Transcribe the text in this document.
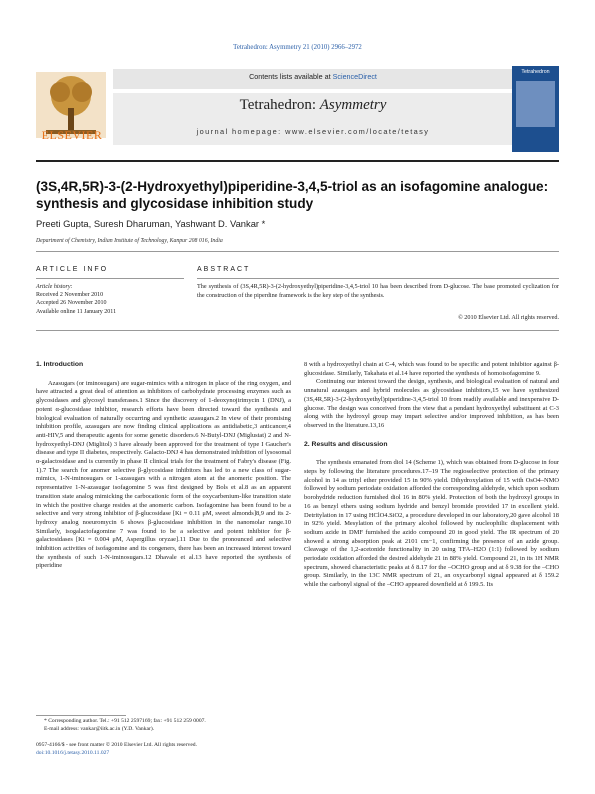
Tetrahedron: Asymmetry 21 (2010) 2966–2972
ELSEVIER
Contents lists available at ScienceDirect
Tetrahedron: Asymmetry
journal homepage: www.elsevier.com/locate/tetasy
Tetrahedron
(3S,4R,5R)-3-(2-Hydroxyethyl)piperidine-3,4,5-triol as an isofagomine analogue: synthesis and glycosidase inhibition study
Preeti Gupta, Suresh Dharuman, Yashwant D. Vankar *
Department of Chemistry, Indian Institute of Technology, Kanpur 208 016, India
ARTICLE INFO	ABSTRACT
Article history:
Received 2 November 2010
Accepted 26 November 2010
Available online 11 January 2011
The synthesis of (3S,4R,5R)-3-(2-hydroxyethyl)piperidine-3,4,5-triol 10 has been described from D-glucose. The base promoted cyclization for the construction of the piperdine framework is the key step of the synthesis.
© 2010 Elsevier Ltd. All rights reserved.
1. Introduction

Azasugars (or iminosugars) are sugar-mimics with a nitrogen in place of the ring oxygen, and have attracted a great deal of attention as inhibitors of carbohydrate processing enzymes such as glycosidases and glycosyl transferases.1 Since the discovery of 1-deoxynojirimycin 1 (DNJ), a potent α-glucosidase inhibitor, research efforts have been directed toward the synthesis and biological evaluation of naturally occurring and synthetic azasugars.2 In view of their promising inhibition profile, azasugars are now finding clinical applications as antidiabetic,3 anticancer,4 anti-HIV,5 and therapeutic agents for some genetic disorders.6 N-Butyl-DNJ (Miglustat) 2 and N-hydroxyethyl-DNJ (Miglitol) 3 have already been approved for the treatment of type I Gaucher's disease and type II diabetes, respectively. Galacto-DNJ 4 has demonstrated inhibition of lysosomal α-galactosidase and is currently in phase II clinical trials for the treatment of Fabry's disease (Fig. 1).7 The search for anomer selective β-glycosidase inhibitors has led to a new class of sugar-mimics, 1-N-iminosugars or 1-azasugars with a nitrogen atom at the anomeric position. The representative 1-N-azasugar isofagomine 5 was first designed by Bols et al.8 as an apparent transition state analog mimicking the carbocationic form of the oxycarbenium-like transition state in which the positive charge resides at the anomeric carbon. Isofagomine has been found to be a selective and very strong inhibitor of β-glucosidase [Ki = 0.11 μM, sweet almonds]8,9 and its 2-hydroxy analog noeuromycin 6 shows β-glucosidase inhibition in the nanomolar range.10 Similarly, isogalactofagomine 7 was found to be a selective and potent inhibitor for β-galactosidases [Ki = 0.004 μM, Aspergillus oryzae].11 Due to the pronounced and selective inhibition activities of isofagomine and its congeners, there has been an increased interest toward the synthesis of such 1-N-iminosugars.12 Dhavale et al.13 have reported the synthesis of piperidine

8 with a hydroxyethyl chain at C-4, which was found to be specific and potent inhibitor against β-glucosidase. Similarly, Takahata et al.14 have reported the synthesis of homoisofagomine 9.

Continuing our interest toward the design, synthesis, and biological evaluation of natural and unnatural azasugars and hybrid molecules as glycosidase inhibitors,15 we have synthesized (3S,4R,5R)-3-(2-hydroxyethyl)piperidine-3,4,5-triol 10 from readily available and inexpensive D-glucose. The design was conceived from the view that a pendant hydroxyethyl substituent at C-3 along with the hydroxyl group may impart selective and/or improved inhibition, as has been observed in the literature.13,16

2. Results and discussion

The synthesis emanated from diol 14 (Scheme 1), which was obtained from D-glucose in four steps by following the literature procedures.17–19 The regioselective protection of the primary alcohol in 14 as trityl ether provided 15 in 90% yield. Dihydroxylation of 15 with OsO4–NMO followed by sodium periodate oxidation afforded the corresponding aldehyde, which upon sodium borohydride reduction furnished diol 16 in 80% yield. Protection of both the hydroxyl groups in 16 as benzyl ethers using sodium hydride and benzyl bromide provided 17 in excellent yield. Detritylation in 17 using HClO4.SiO2, a procedure developed in our laboratory,20 gave alcohol 18 in 92% yield. Mesylation of the primary alcohol followed by nucleophilic displacement with sodium azide in DMF furnished the azido compound 20 in good yield. The IR spectrum of 20 showed a strong absorption peak at 2101 cm−1, confirming the presence of an azide group. Cleavage of the 1,2-acetonide functionality in 20 using TFA–H2O (1:1) followed by sodium periodate oxidation afforded the desired aldehyde 21 in 88% yield. Compound 21, in its 1H NMR spectrum, showed characteristic peaks at δ 8.17 for the –OCHO group and at δ 9.38 for the –CHO group. Similarly, in the 13C NMR spectrum of 21, an oxycarbonyl signal appeared at δ 159.2 while the carbonyl signal of the –CHO appeared downfield at δ 199.5. Its

* Corresponding author. Tel.: +91 512 2597169; fax: +91 512 259 0007.
E-mail address: vankar@iitk.ac.in (Y.D. Vankar).
0957-4166/$ - see front matter © 2010 Elsevier Ltd. All rights reserved.
doi:10.1016/j.tetasy.2010.11.027
